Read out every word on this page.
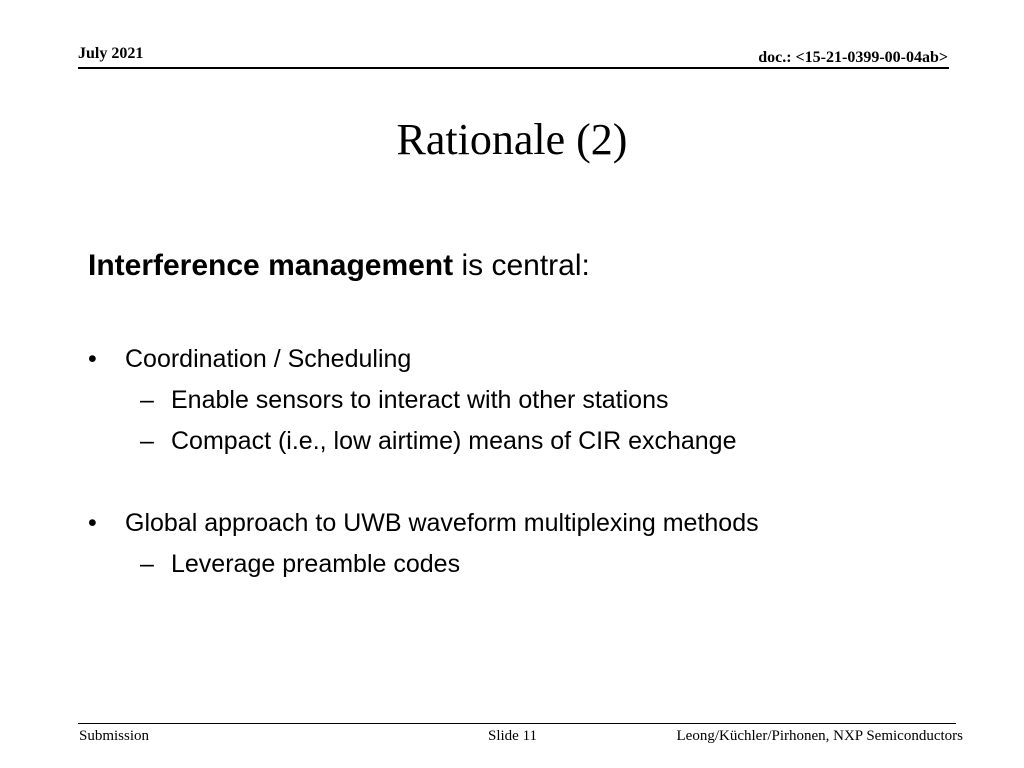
July 2021	doc.: <15-21-0399-00-04ab>
Rationale (2)

Interference management is central:

• Coordination / Scheduling
– Enable sensors to interact with other stations
– Compact (i.e., low airtime) means of CIR exchange
• Global approach to UWB waveform multiplexing methods
– Leverage preamble codes
Submission	Slide 11	Leong/Küchler/Pirhonen, NXP Semiconductors
